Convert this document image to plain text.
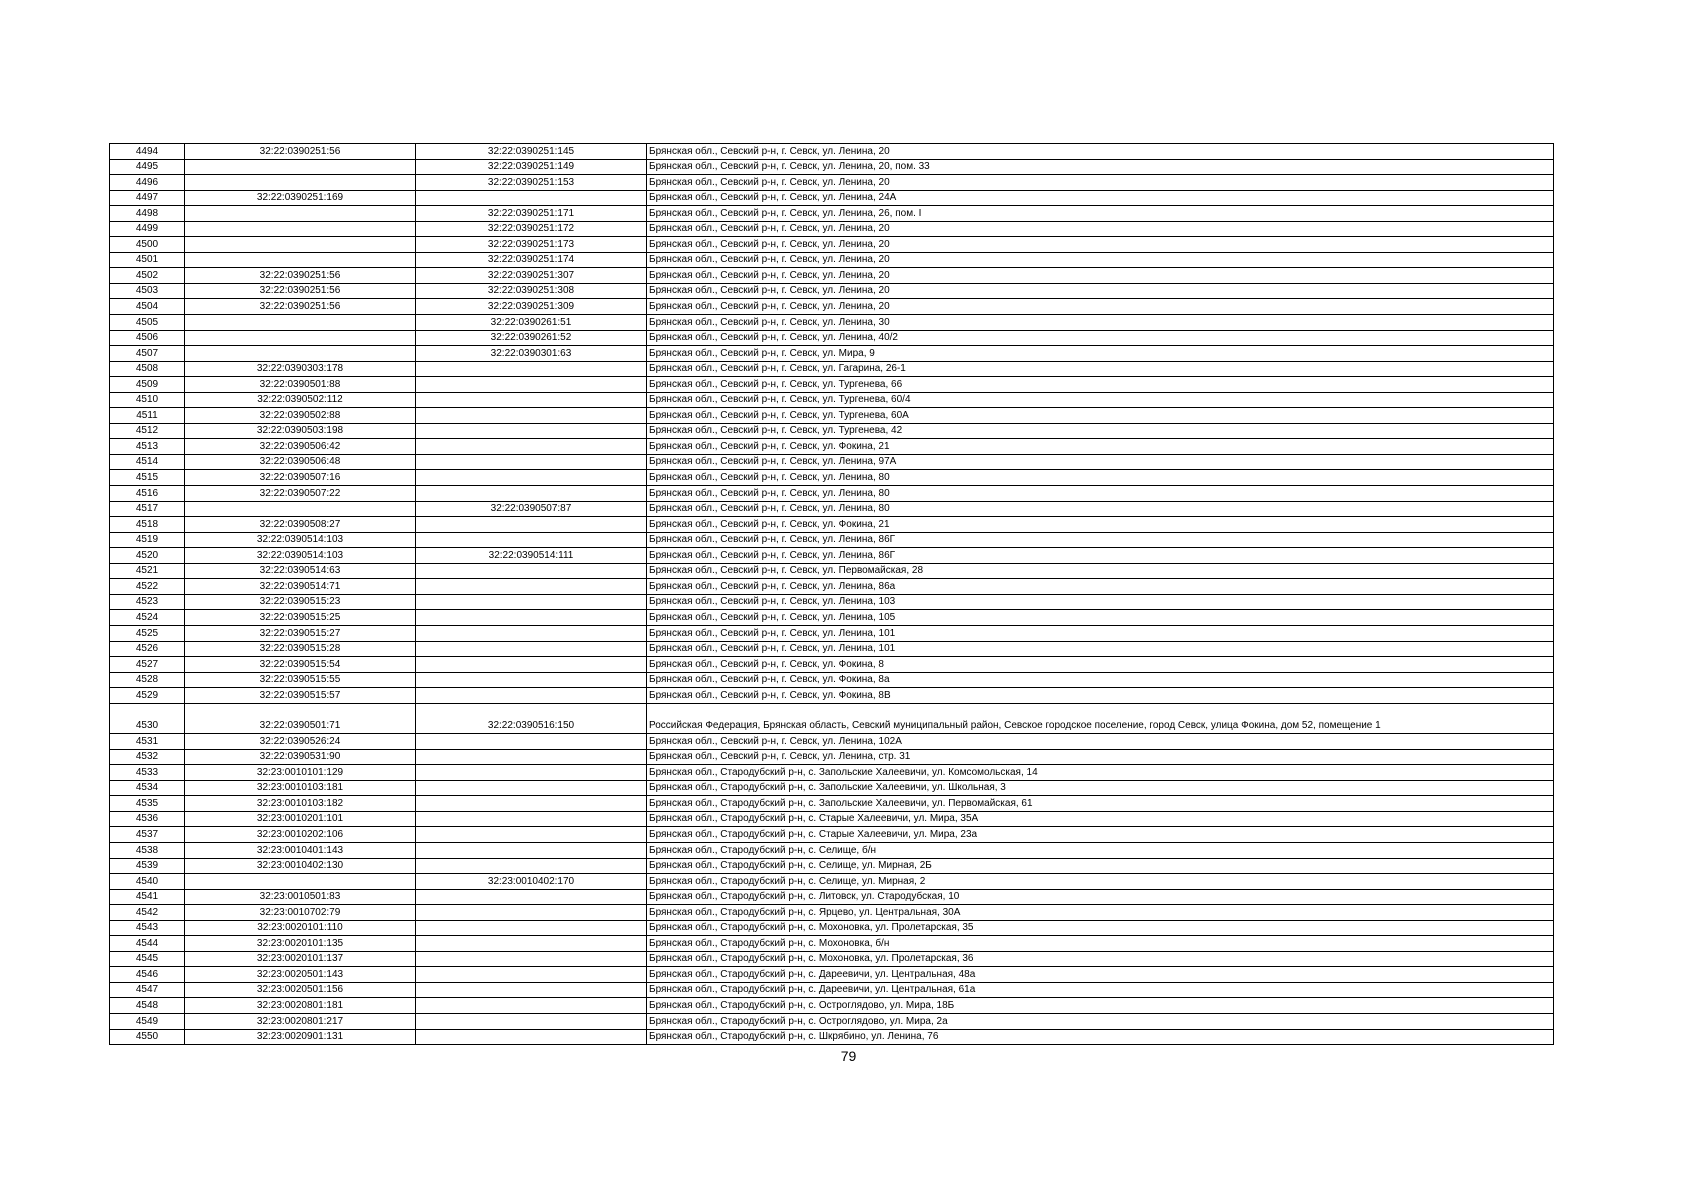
4494	32:22:0390251:56	32:22:0390251:145	Брянская обл., Севский р-н, г. Севск, ул. Ленина, 20
4495		32:22:0390251:149	Брянская обл., Севский р-н, г. Севск, ул. Ленина, 20, пом. 33
4496		32:22:0390251:153	Брянская обл., Севский р-н, г. Севск, ул. Ленина, 20
4497	32:22:0390251:169		Брянская обл., Севский р-н, г. Севск, ул. Ленина, 24А
4498		32:22:0390251:171	Брянская обл., Севский р-н, г. Севск, ул. Ленина, 26, пом. I
4499		32:22:0390251:172	Брянская обл., Севский р-н, г. Севск, ул. Ленина, 20
4500		32:22:0390251:173	Брянская обл., Севский р-н, г. Севск, ул. Ленина, 20
4501		32:22:0390251:174	Брянская обл., Севский р-н, г. Севск, ул. Ленина, 20
4502	32:22:0390251:56	32:22:0390251:307	Брянская обл., Севский р-н, г. Севск, ул. Ленина, 20
4503	32:22:0390251:56	32:22:0390251:308	Брянская обл., Севский р-н, г. Севск, ул. Ленина, 20
4504	32:22:0390251:56	32:22:0390251:309	Брянская обл., Севский р-н, г. Севск, ул. Ленина, 20
4505		32:22:0390261:51	Брянская обл., Севский р-н, г. Севск, ул. Ленина, 30
4506		32:22:0390261:52	Брянская обл., Севский р-н, г. Севск, ул. Ленина, 40/2
4507		32:22:0390301:63	Брянская обл., Севский р-н, г. Севск, ул. Мира, 9
4508	32:22:0390303:178		Брянская обл., Севский р-н, г. Севск, ул. Гагарина, 26-1
4509	32:22:0390501:88		Брянская обл., Севский р-н, г. Севск, ул. Тургенева, 66
4510	32:22:0390502:112		Брянская обл., Севский р-н, г. Севск, ул. Тургенева, 60/4
4511	32:22:0390502:88		Брянская обл., Севский р-н, г. Севск, ул. Тургенева, 60А
4512	32:22:0390503:198		Брянская обл., Севский р-н, г. Севск, ул. Тургенева, 42
4513	32:22:0390506:42		Брянская обл., Севский р-н, г. Севск, ул. Фокина, 21
4514	32:22:0390506:48		Брянская обл., Севский р-н, г. Севск, ул. Ленина, 97А
4515	32:22:0390507:16		Брянская обл., Севский р-н, г. Севск, ул. Ленина, 80
4516	32:22:0390507:22		Брянская обл., Севский р-н, г. Севск, ул. Ленина, 80
4517		32:22:0390507:87	Брянская обл., Севский р-н, г. Севск, ул. Ленина, 80
4518	32:22:0390508:27		Брянская обл., Севский р-н, г. Севск, ул. Фокина, 21
4519	32:22:0390514:103		Брянская обл., Севский р-н, г. Севск, ул. Ленина, 86Г
4520	32:22:0390514:103	32:22:0390514:111	Брянская обл., Севский р-н, г. Севск, ул. Ленина, 86Г
4521	32:22:0390514:63		Брянская обл., Севский р-н, г. Севск, ул. Первомайская, 28
4522	32:22:0390514:71		Брянская обл., Севский р-н, г. Севск, ул. Ленина, 86а
4523	32:22:0390515:23		Брянская обл., Севский р-н, г. Севск, ул. Ленина, 103
4524	32:22:0390515:25		Брянская обл., Севский р-н, г. Севск, ул. Ленина, 105
4525	32:22:0390515:27		Брянская обл., Севский р-н, г. Севск, ул. Ленина, 101
4526	32:22:0390515:28		Брянская обл., Севский р-н, г. Севск, ул. Ленина, 101
4527	32:22:0390515:54		Брянская обл., Севский р-н, г. Севск, ул. Фокина, 8
4528	32:22:0390515:55		Брянская обл., Севский р-н, г. Севск, ул. Фокина, 8а
4529	32:22:0390515:57		Брянская обл., Севский р-н, г. Севск, ул. Фокина, 8В
4530	32:22:0390501:71	32:22:0390516:150	Российская Федерация, Брянская область, Севский муниципальный район, Севское городское поселение, город Севск, улица Фокина, дом 52, помещение 1
4531	32:22:0390526:24		Брянская обл., Севский р-н, г. Севск, ул. Ленина, 102А
4532	32:22:0390531:90		Брянская обл., Севский р-н, г. Севск, ул. Ленина, стр. 31
4533	32:23:0010101:129		Брянская обл., Стародубский р-н, с. Запольские Халеевичи, ул. Комсомольская, 14
4534	32:23:0010103:181		Брянская обл., Стародубский р-н, с. Запольские Халеевичи, ул. Школьная, 3
4535	32:23:0010103:182		Брянская обл., Стародубский р-н, с. Запольские Халеевичи, ул. Первомайская, 61
4536	32:23:0010201:101		Брянская обл., Стародубский р-н, с. Старые Халеевичи, ул. Мира, 35А
4537	32:23:0010202:106		Брянская обл., Стародубский р-н, с. Старые Халеевичи, ул. Мира, 23а
4538	32:23:0010401:143		Брянская обл., Стародубский р-н, с. Селище, б/н
4539	32:23:0010402:130		Брянская обл., Стародубский р-н, с. Селище, ул. Мирная, 2Б
4540		32:23:0010402:170	Брянская обл., Стародубский р-н, с. Селище, ул. Мирная, 2
4541	32:23:0010501:83		Брянская обл., Стародубский р-н, с. Литовск, ул. Стародубская, 10
4542	32:23:0010702:79		Брянская обл., Стародубский р-н, с. Ярцево, ул. Центральная, 30А
4543	32:23:0020101:110		Брянская обл., Стародубский р-н, с. Мохоновка, ул. Пролетарская, 35
4544	32:23:0020101:135		Брянская обл., Стародубский р-н, с. Мохоновка, б/н
4545	32:23:0020101:137		Брянская обл., Стародубский р-н, с. Мохоновка, ул. Пролетарская, 36
4546	32:23:0020501:143		Брянская обл., Стародубский р-н, с. Дареевичи, ул. Центральная, 48а
4547	32:23:0020501:156		Брянская обл., Стародубский р-н, с. Дареевичи, ул. Центральная, 61а
4548	32:23:0020801:181		Брянская обл., Стародубский р-н, с. Остроглядово, ул. Мира, 18Б
4549	32:23:0020801:217		Брянская обл., Стародубский р-н, с. Остроглядово, ул. Мира, 2а
4550	32:23:0020901:131		Брянская обл., Стародубский р-н, с. Шкрябино, ул. Ленина, 76
79
